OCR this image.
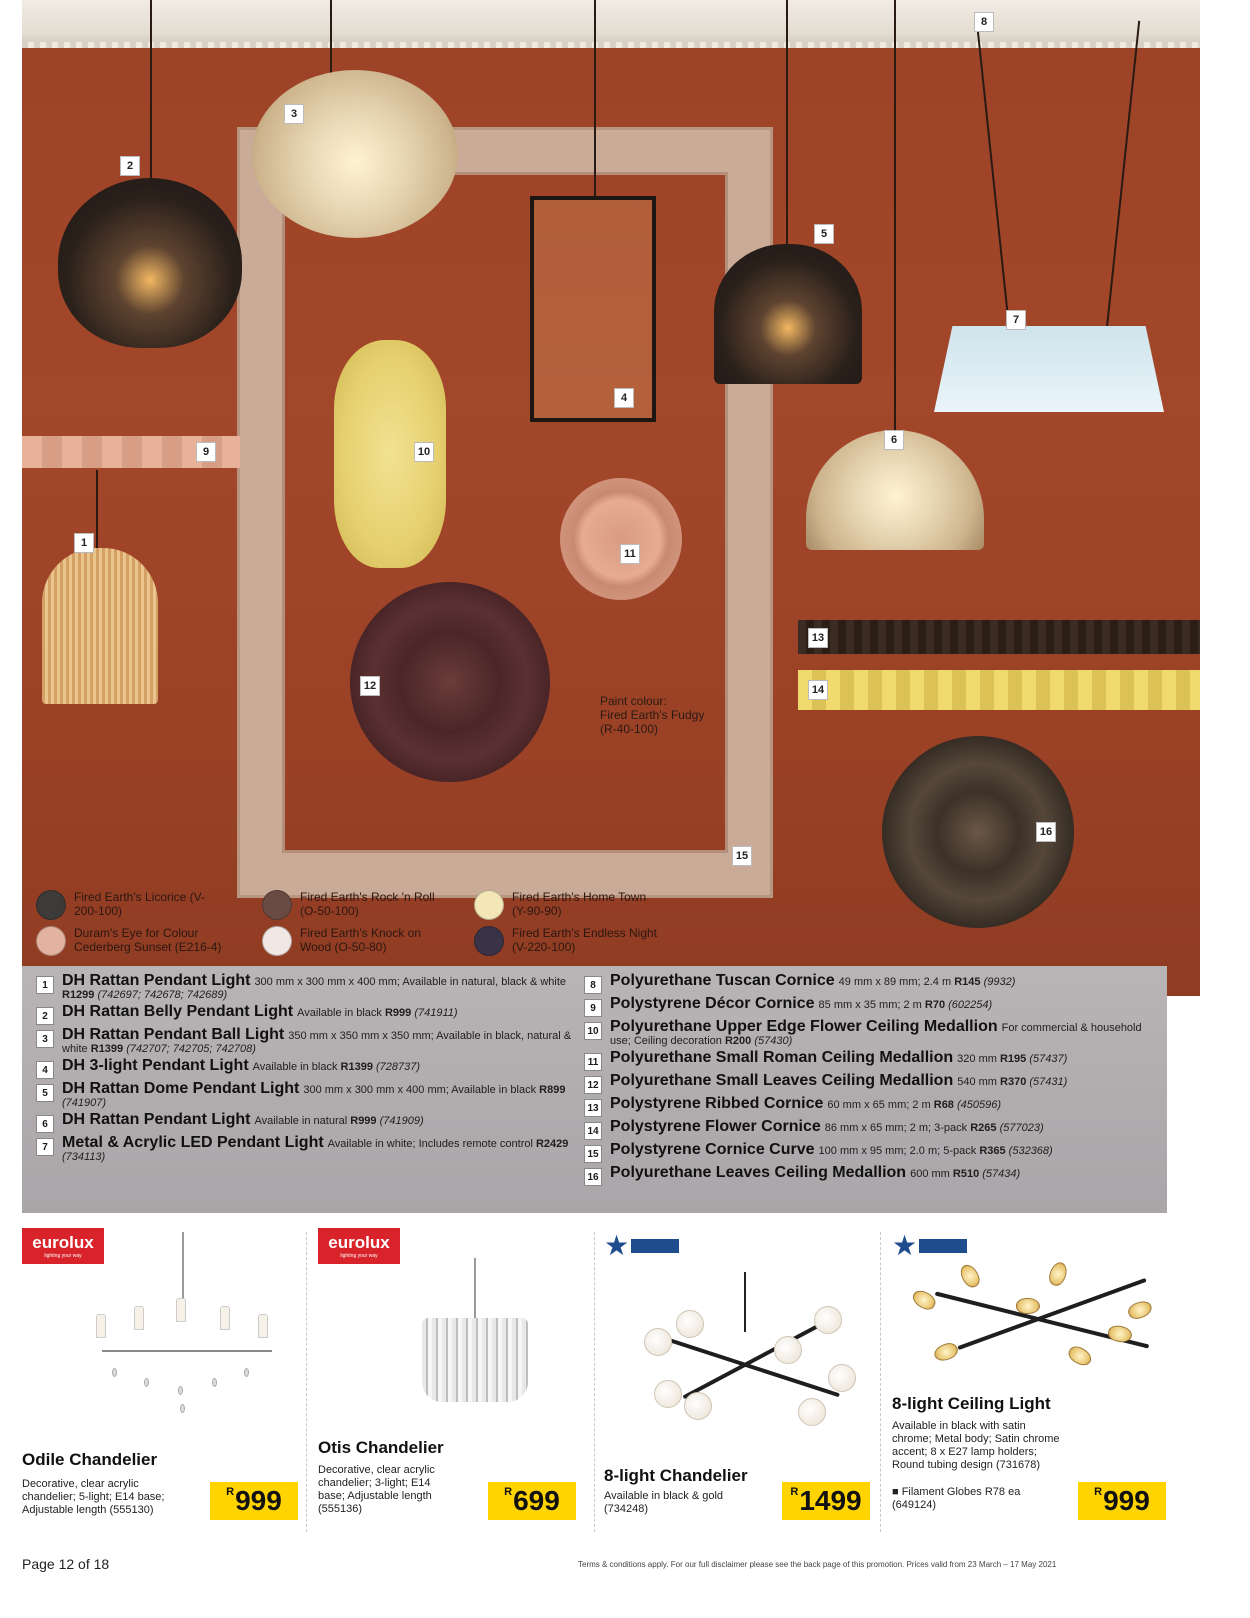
1
2
3
4
5
6
7
8
9	10
11
12
13
14
15
16
Paint colour:
Fired Earth's Fudgy
(R-40-100)
Fired Earth's Licorice (V-200-100)
Duram's Eye for Colour Cederberg Sunset (E216-4)
Fired Earth's Rock 'n Roll (O-50-100)
Fired Earth's Knock on Wood (O-50-80)
Fired Earth's Home Town (Y-90-90)
Fired Earth's Endless Night (V-220-100)
1 DH Rattan Pendant Light 300 mm x 300 mm x 400 mm; Available in natural, black & white R1299 (742697; 742678; 742689)
2 DH Rattan Belly Pendant Light Available in black R999 (741911)
3 DH Rattan Pendant Ball Light 350 mm x 350 mm x 350 mm; Available in black, natural & white R1399 (742707; 742705; 742708)
4 DH 3-light Pendant Light Available in black R1399 (728737)
5 DH Rattan Dome Pendant Light 300 mm x 300 mm x 400 mm; Available in black R899 (741907)
6 DH Rattan Pendant Light Available in natural R999 (741909)
7 Metal & Acrylic LED Pendant Light Available in white; Includes remote control R2429 (734113)
8 Polyurethane Tuscan Cornice 49 mm x 89 mm; 2.4 m R145 (9932)
9 Polystyrene Décor Cornice 85 mm x 35 mm; 2 m R70 (602254)
10 Polyurethane Upper Edge Flower Ceiling Medallion For commercial & household use; Ceiling decoration R200 (57430)
11 Polyurethane Small Roman Ceiling Medallion 320 mm R195 (57437)
12 Polyurethane Small Leaves Ceiling Medallion 540 mm R370 (57431)
13 Polystyrene Ribbed Cornice 60 mm x 65 mm; 2 m R68 (450596)
14 Polystyrene Flower Cornice 86 mm x 65 mm; 2 m; 3-pack R265 (577023)
15 Polystyrene Cornice Curve 100 mm x 95 mm; 2.0 m; 5-pack R365 (532368)
16 Polyurethane Leaves Ceiling Medallion 600 mm R510 (57434)
eurolux
lighting your way
Odile Chandelier
Decorative, clear acrylic chandelier; 5-light; E14 base; Adjustable length (555130)
R 999
eurolux
lighting your way
Otis Chandelier
Decorative, clear acrylic chandelier; 3-light; E14 base; Adjustable length (555136)
R 699
★
8-light Chandelier
Available in black & gold (734248)
R 1499
★
8-light Ceiling Light
Available in black with satin chrome; Metal body; Satin chrome accent; 8 x E27 lamp holders; Round tubing design (731678)
■ Filament Globes R78 ea (649124)
R 999
Page 12 of 18	Terms & conditions apply. For our full disclaimer please see the back page of this promotion. Prices valid from 23 March – 17 May 2021
